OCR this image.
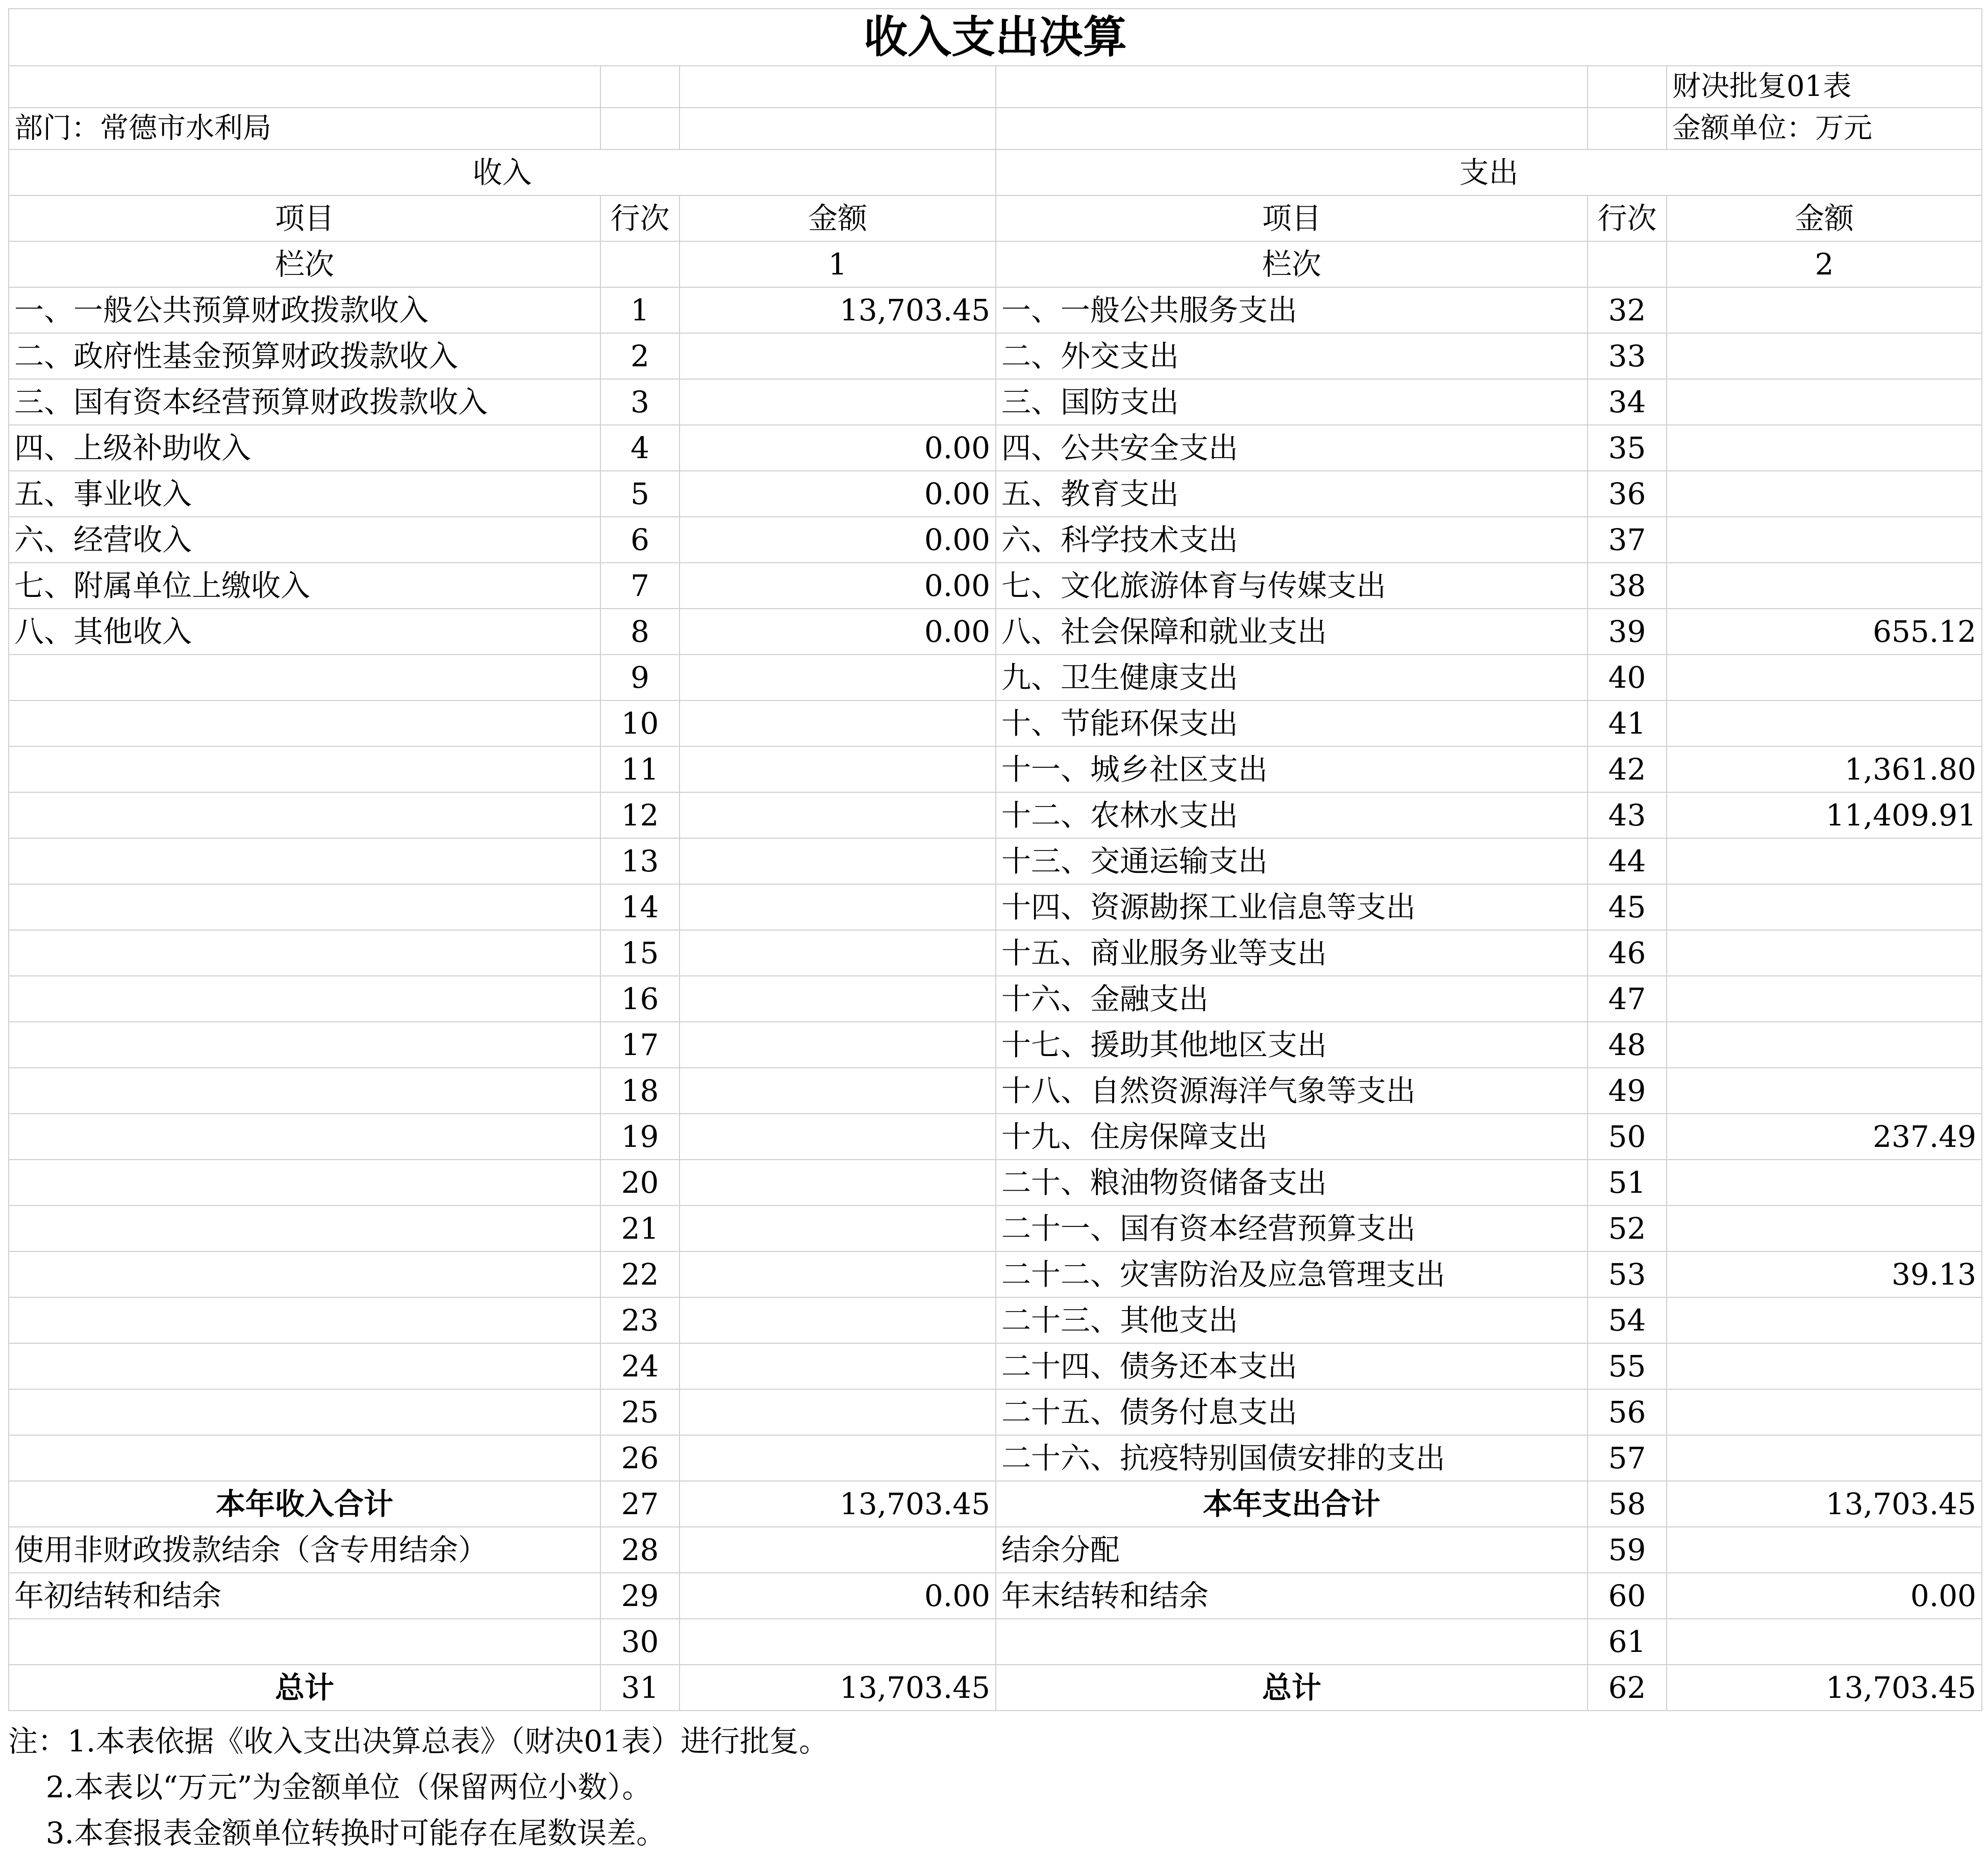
收入支出决算					
					财决批复01表
部门：常德市水利局					金额单位：万元
收入			支出		
项目	行次	金额	项目	行次	金额
栏次		1	栏次		2
一、一般公共预算财政拨款收入	1	13,703.45	一、一般公共服务支出	32	
二、政府性基金预算财政拨款收入	2		二、外交支出	33	
三、国有资本经营预算财政拨款收入	3		三、国防支出	34	
四、上级补助收入	4	0.00	四、公共安全支出	35	
五、事业收入	5	0.00	五、教育支出	36	
六、经营收入	6	0.00	六、科学技术支出	37	
七、附属单位上缴收入	7	0.00	七、文化旅游体育与传媒支出	38	
八、其他收入	8	0.00	八、社会保障和就业支出	39	655.12
	9		九、卫生健康支出	40	
	10		十、节能环保支出	41	
	11		十一、城乡社区支出	42	1,361.80
	12		十二、农林水支出	43	11,409.91
	13		十三、交通运输支出	44	
	14		十四、资源勘探工业信息等支出	45	
	15		十五、商业服务业等支出	46	
	16		十六、金融支出	47	
	17		十七、援助其他地区支出	48	
	18		十八、自然资源海洋气象等支出	49	
	19		十九、住房保障支出	50	237.49
	20		二十、粮油物资储备支出	51	
	21		二十一、国有资本经营预算支出	52	
	22		二十二、灾害防治及应急管理支出	53	39.13
	23		二十三、其他支出	54	
	24		二十四、债务还本支出	55	
	25		二十五、债务付息支出	56	
	26		二十六、抗疫特别国债安排的支出	57	
本年收入合计	27	13,703.45	本年支出合计	58	13,703.45
使用非财政拨款结余（含专用结余）	28		结余分配	59	
年初结转和结余	29	0.00	年末结转和结余	60	0.00
	30			61	
总计	31	13,703.45	总计	62	13,703.45
注：1.本表依据《收入支出决算总表》（财决01表）进行批复。
2.本表以“万元”为金额单位（保留两位小数）。
3.本套报表金额单位转换时可能存在尾数误差。
